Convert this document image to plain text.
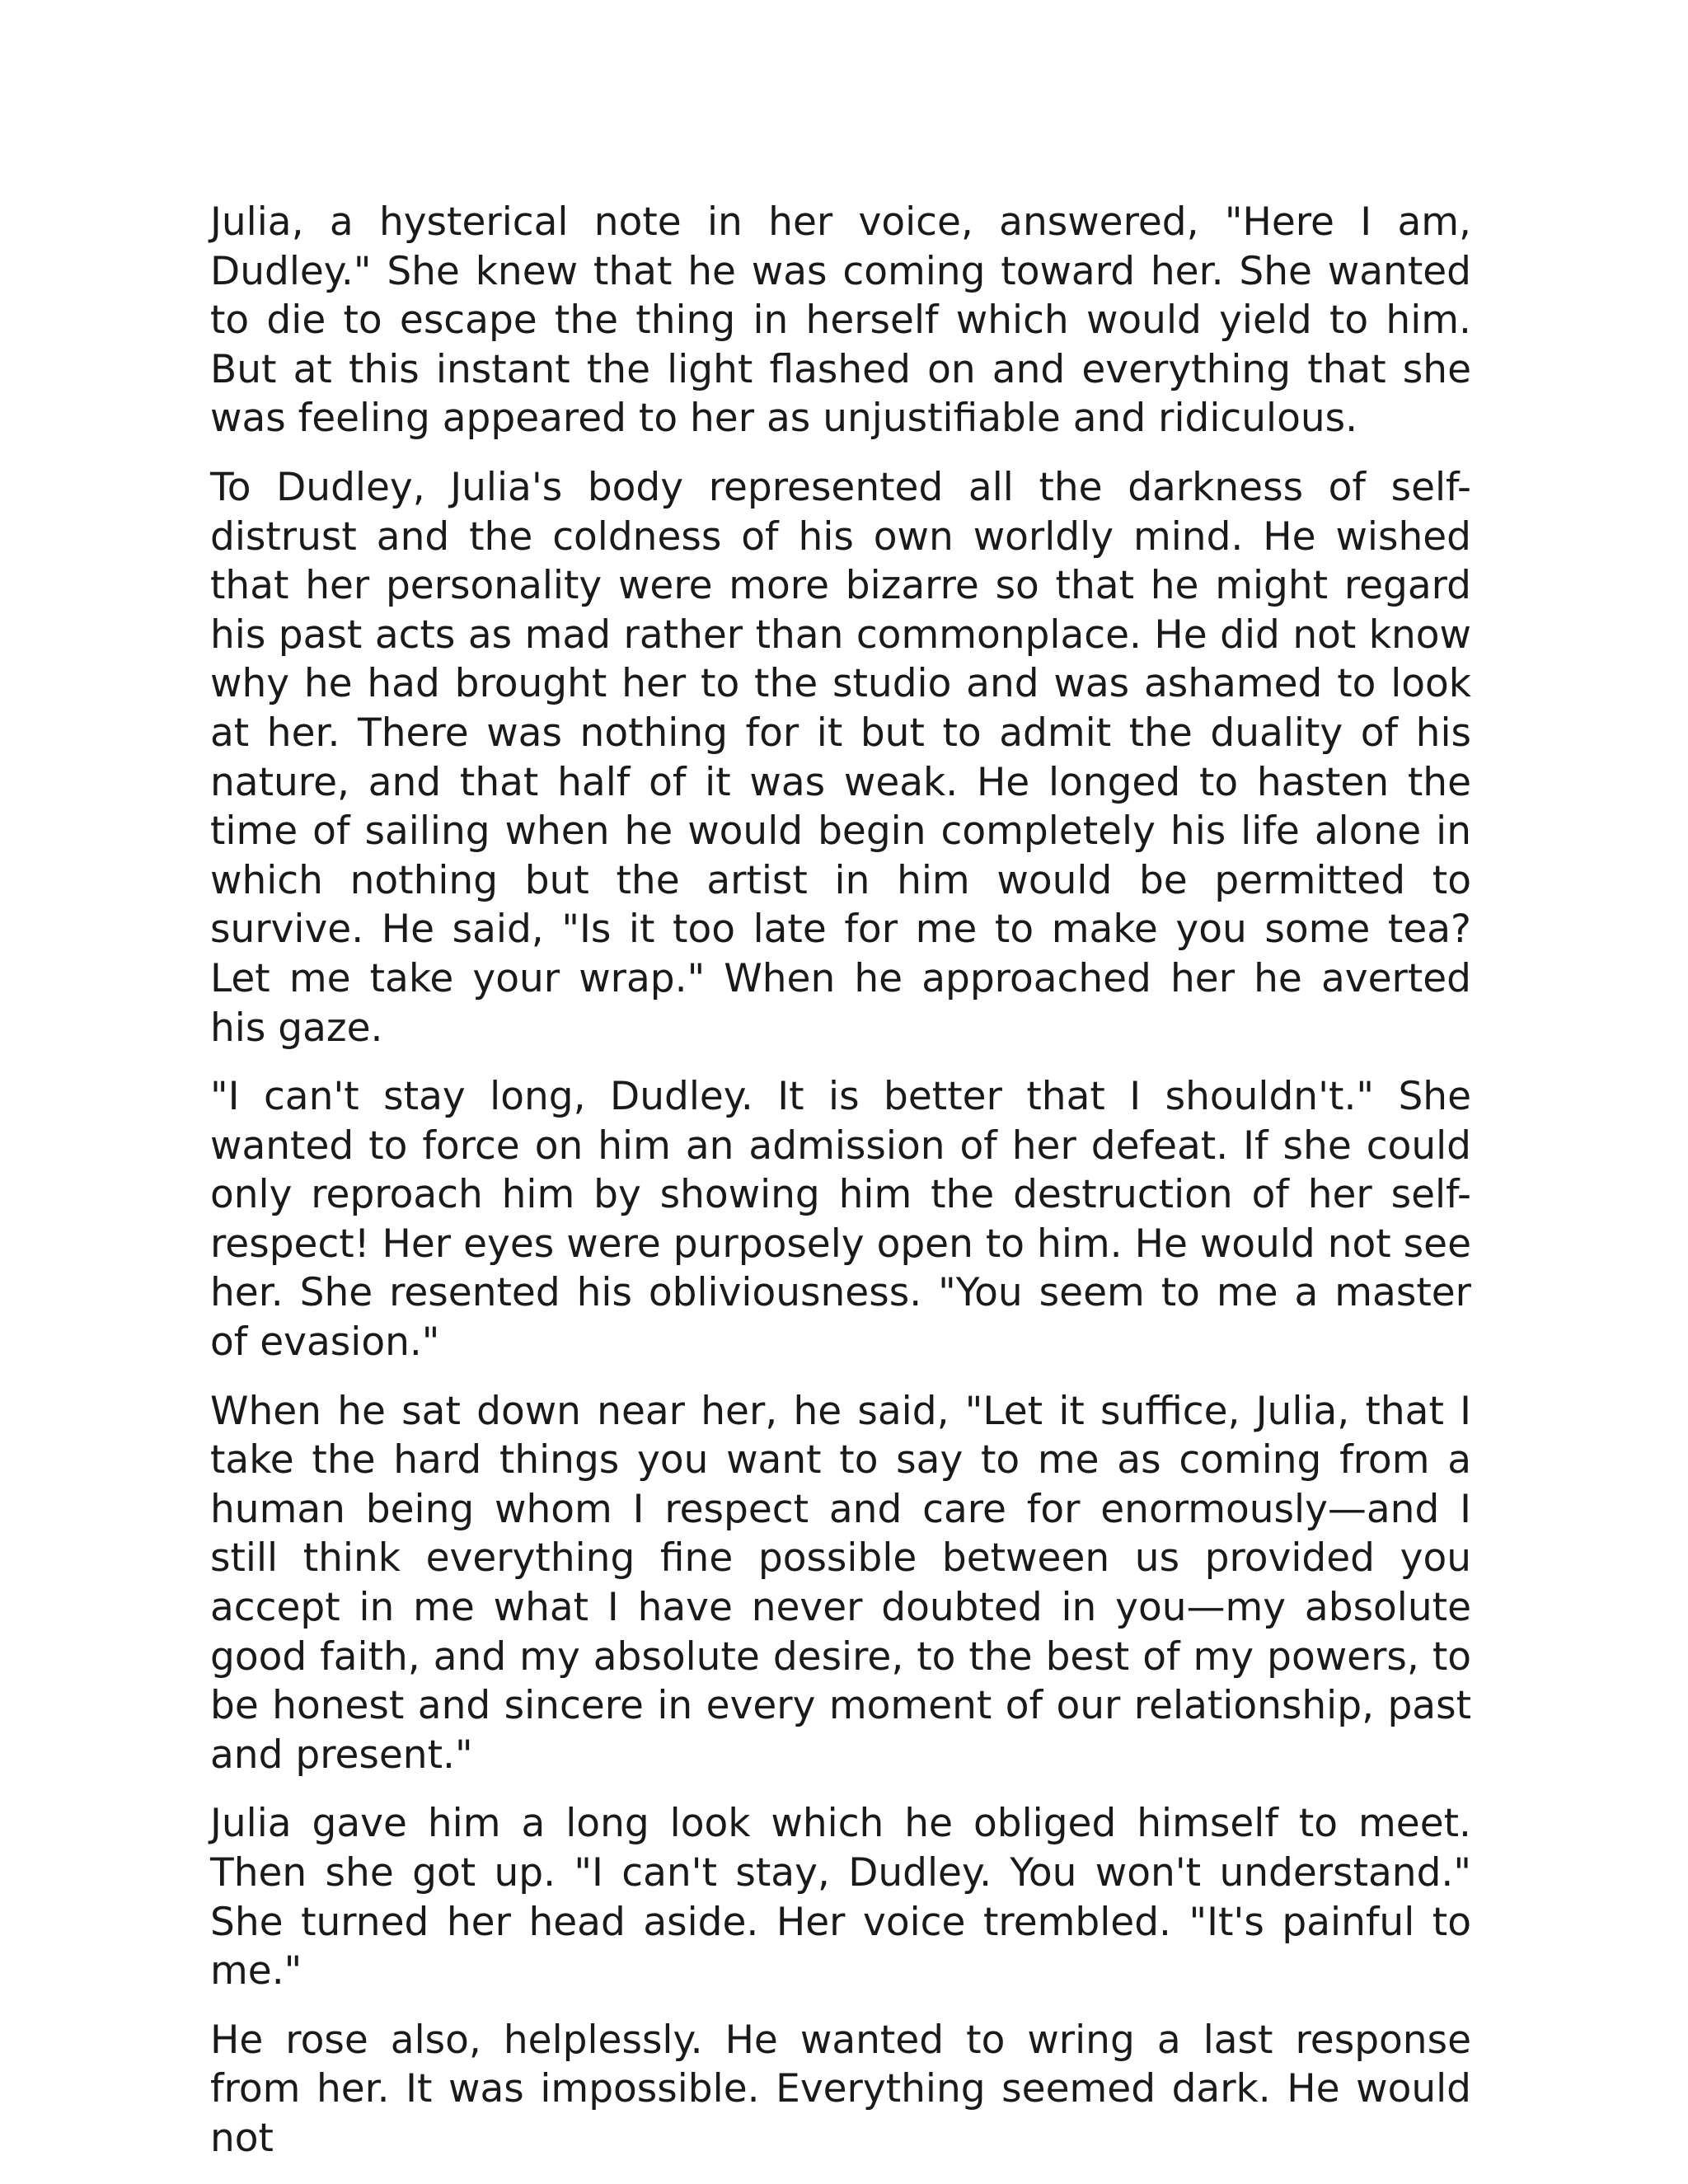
Julia, a hysterical note in her voice, answered, "Here I am, Dudley." She knew that he was coming toward her. She wanted to die to escape the thing in herself which would yield to him. But at this instant the light flashed on and everything that she was feeling appeared to her as unjustifiable and ridiculous.

To Dudley, Julia's body represented all the darkness of self-distrust and the coldness of his own worldly mind. He wished that her personality were more bizarre so that he might regard his past acts as mad rather than commonplace. He did not know why he had brought her to the studio and was ashamed to look at her. There was nothing for it but to admit the duality of his nature, and that half of it was weak. He longed to hasten the time of sailing when he would begin completely his life alone in which nothing but the artist in him would be permitted to survive. He said, "Is it too late for me to make you some tea? Let me take your wrap." When he approached her he averted his gaze.

"I can't stay long, Dudley. It is better that I shouldn't." She wanted to force on him an admission of her defeat. If she could only reproach him by showing him the destruction of her self-respect! Her eyes were purposely open to him. He would not see her. She resented his obliviousness. "You seem to me a master of evasion."

When he sat down near her, he said, "Let it suffice, Julia, that I take the hard things you want to say to me as coming from a human being whom I respect and care for enormously—and I still think everything fine possible between us provided you accept in me what I have never doubted in you—my absolute good faith, and my absolute desire, to the best of my powers, to be honest and sincere in every moment of our relationship, past and present."

Julia gave him a long look which he obliged himself to meet. Then she got up. "I can't stay, Dudley. You won't understand." She turned her head aside. Her voice trembled. "It's painful to me."

He rose also, helplessly. He wanted to wring a last response from her. It was impossible. Everything seemed dark. He would not
